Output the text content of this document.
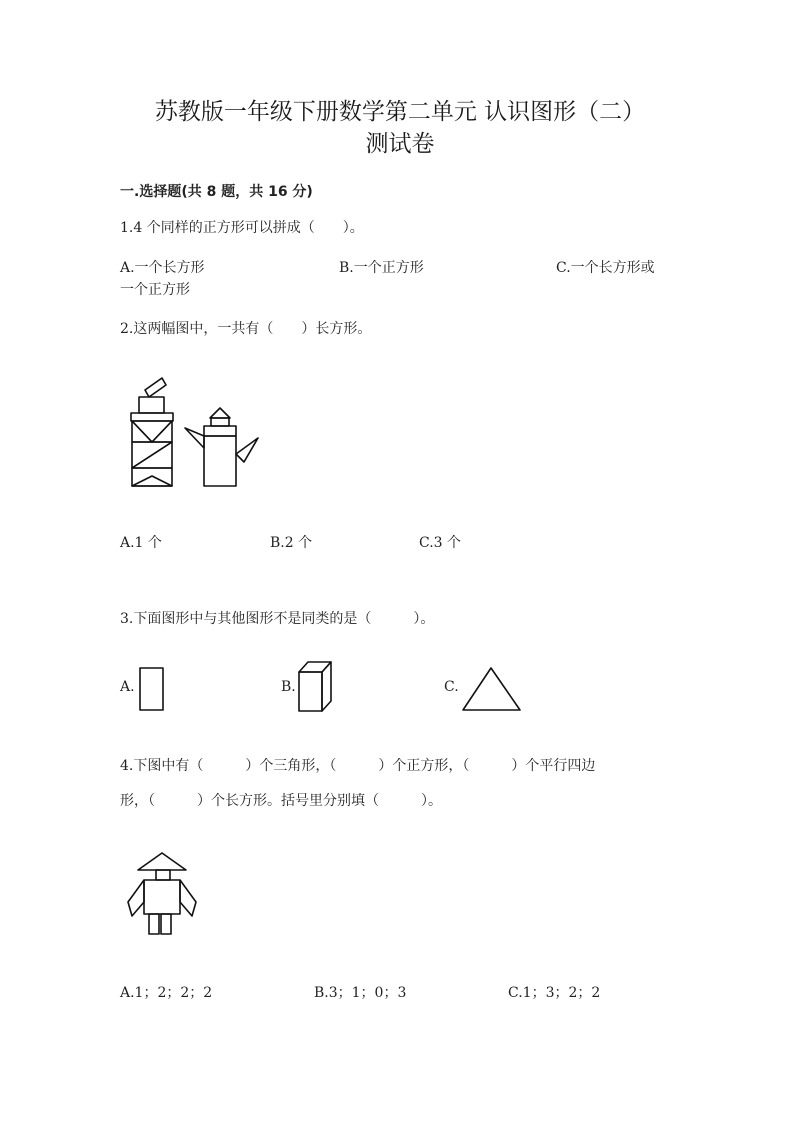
苏教版一年级下册数学第二单元 认识图形（二）
测试卷
一.选择题(共 8 题，共 16 分)
1.4 个同样的正方形可以拼成（　　）。
A.一个长方形	B.一个正方形	C.一个长方形或
一个正方形
2.这两幅图中，一共有（　　）长方形。
A.1 个	B.2 个	C.3 个
3.下面图形中与其他图形不是同类的是（　　　）。
A.	B.	C.
4.下图中有（　　　）个三角形，（　　　）个正方形，（　　　）个平行四边
形，（　　　）个长方形。括号里分别填（　　　）。
A.1；2；2；2	B.3；1；0；3	C.1；3；2；2
